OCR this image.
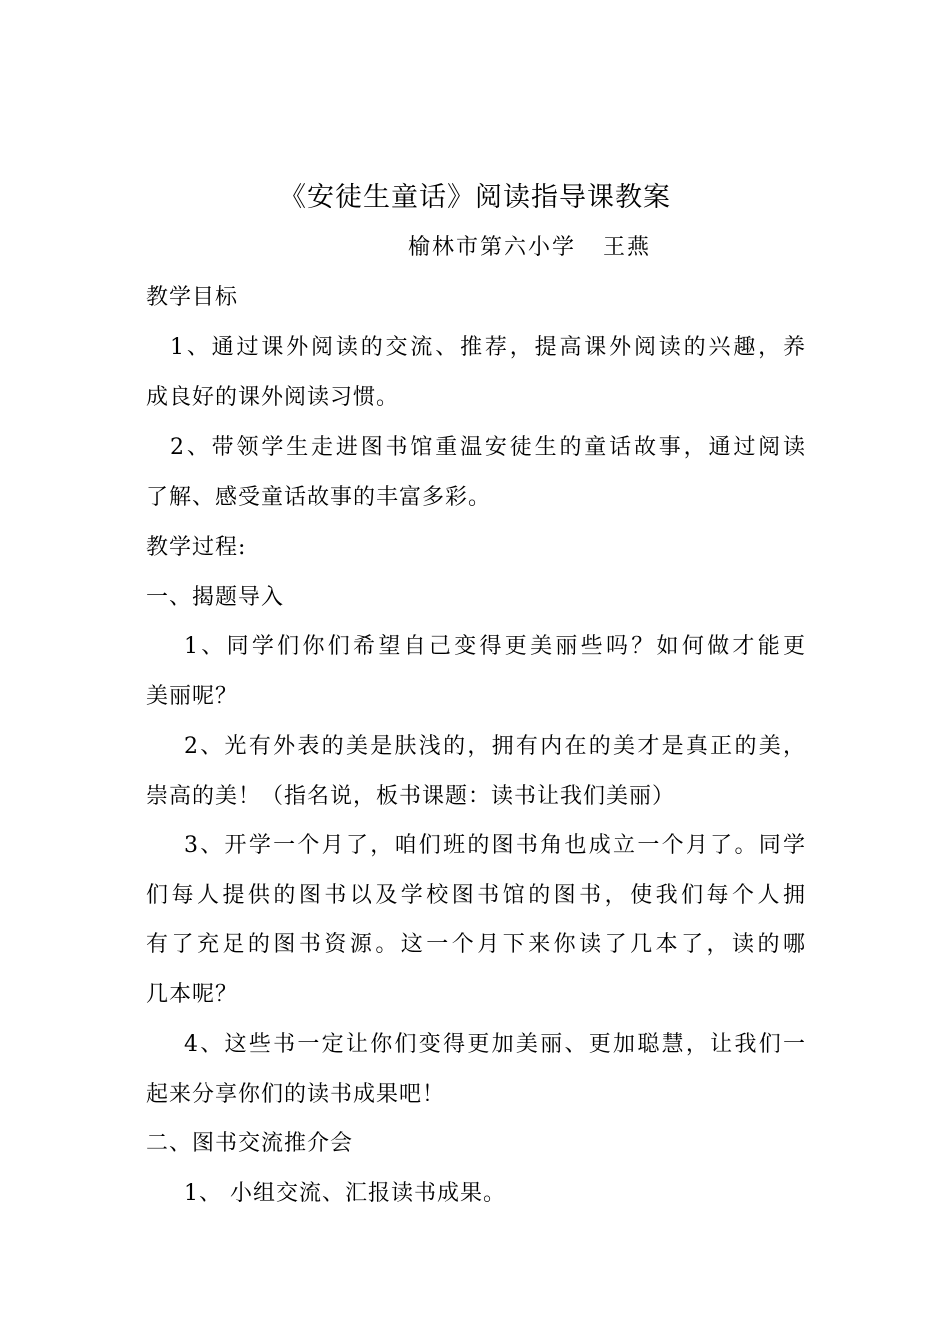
《安徒生童话》阅读指导课教案
榆林市第六小学   王燕
教学目标
1、通过课外阅读的交流、推荐，提高课外阅读的兴趣，养
成良好的课外阅读习惯。
2、带领学生走进图书馆重温安徒生的童话故事，通过阅读
了解、感受童话故事的丰富多彩。
教学过程:
一、揭题导入
1、同学们你们希望自己变得更美丽些吗？如何做才能更
美丽呢？
2、光有外表的美是肤浅的，拥有内在的美才是真正的美，
崇高的美！（指名说，板书课题：读书让我们美丽）
3、开学一个月了，咱们班的图书角也成立一个月了。同学
们每人提供的图书以及学校图书馆的图书，使我们每个人拥
有了充足的图书资源。这一个月下来你读了几本了，读的哪
几本呢？
4、这些书一定让你们变得更加美丽、更加聪慧，让我们一
起来分享你们的读书成果吧！
二、图书交流推介会
1、 小组交流、汇报读书成果。
